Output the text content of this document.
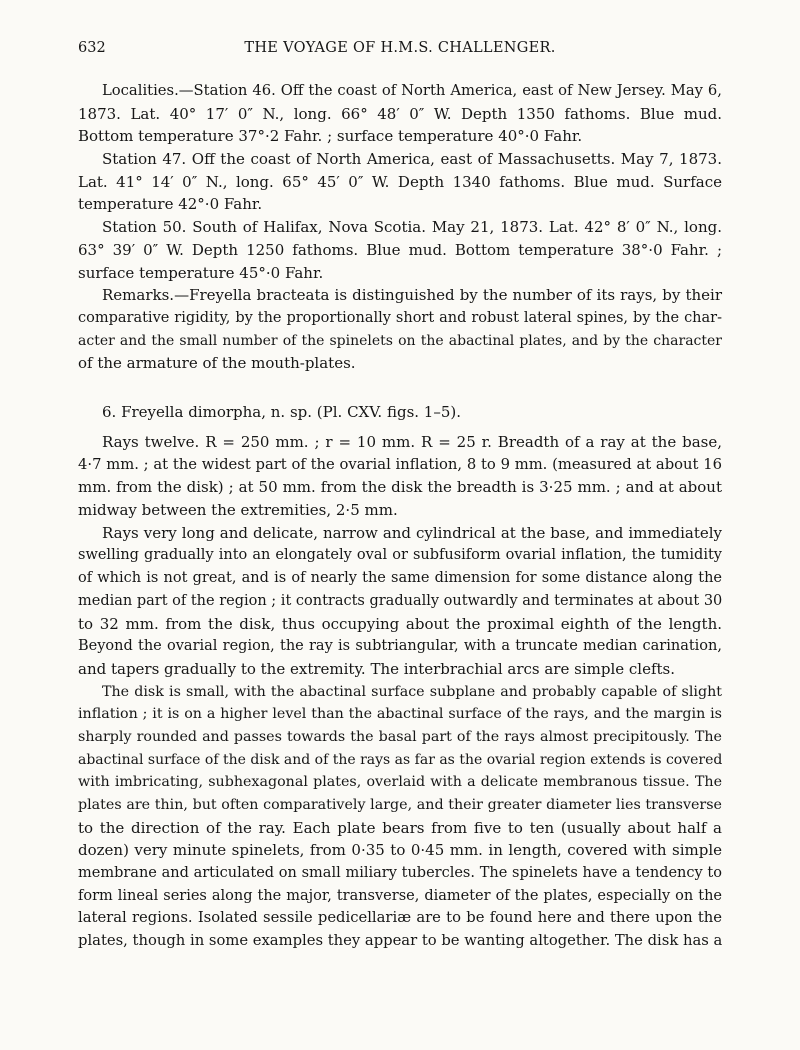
632	THE VOYAGE OF H.M.S. CHALLENGER.
Localities.—Station 46. Off the coast of North America, east of New Jersey. May 6,
1873. Lat. 40° 17′ 0″ N., long. 66° 48′ 0″ W. Depth 1350 fathoms. Blue mud.
Bottom temperature 37°·2 Fahr. ; surface temperature 40°·0 Fahr.
Station 47. Off the coast of North America, east of Massachusetts. May 7, 1873.
Lat. 41° 14′ 0″ N., long. 65° 45′ 0″ W. Depth 1340 fathoms. Blue mud. Surface
temperature 42°·0 Fahr.
Station 50. South of Halifax, Nova Scotia. May 21, 1873. Lat. 42° 8′ 0″ N., long.
63° 39′ 0″ W. Depth 1250 fathoms. Blue mud. Bottom temperature 38°·0 Fahr. ;
surface temperature 45°·0 Fahr.
Remarks.—Freyella bracteata is distinguished by the number of its rays, by their
comparative rigidity, by the proportionally short and robust lateral spines, by the char-
acter and the small number of the spinelets on the abactinal plates, and by the character
of the armature of the mouth-plates.
6. Freyella dimorpha, n. sp. (Pl. CXV. figs. 1–5).
Rays twelve. R = 250 mm. ; r = 10 mm. R = 25 r. Breadth of a ray at the base,
4·7 mm. ; at the widest part of the ovarial inflation, 8 to 9 mm. (measured at about 16
mm. from the disk) ; at 50 mm. from the disk the breadth is 3·25 mm. ; and at about
midway between the extremities, 2·5 mm.
Rays very long and delicate, narrow and cylindrical at the base, and immediately
swelling gradually into an elongately oval or subfusiform ovarial inflation, the tumidity
of which is not great, and is of nearly the same dimension for some distance along the
median part of the region ; it contracts gradually outwardly and terminates at about 30
to 32 mm. from the disk, thus occupying about the proximal eighth of the length.
Beyond the ovarial region, the ray is subtriangular, with a truncate median carination,
and tapers gradually to the extremity. The interbrachial arcs are simple clefts.
The disk is small, with the abactinal surface subplane and probably capable of slight
inflation ; it is on a higher level than the abactinal surface of the rays, and the margin is
sharply rounded and passes towards the basal part of the rays almost precipitously. The
abactinal surface of the disk and of the rays as far as the ovarial region extends is covered
with imbricating, subhexagonal plates, overlaid with a delicate membranous tissue. The
plates are thin, but often comparatively large, and their greater diameter lies transverse
to the direction of the ray. Each plate bears from five to ten (usually about half a
dozen) very minute spinelets, from 0·35 to 0·45 mm. in length, covered with simple
membrane and articulated on small miliary tubercles. The spinelets have a tendency to
form lineal series along the major, transverse, diameter of the plates, especially on the
lateral regions. Isolated sessile pedicellariæ are to be found here and there upon the
plates, though in some examples they appear to be wanting altogether. The disk has a
